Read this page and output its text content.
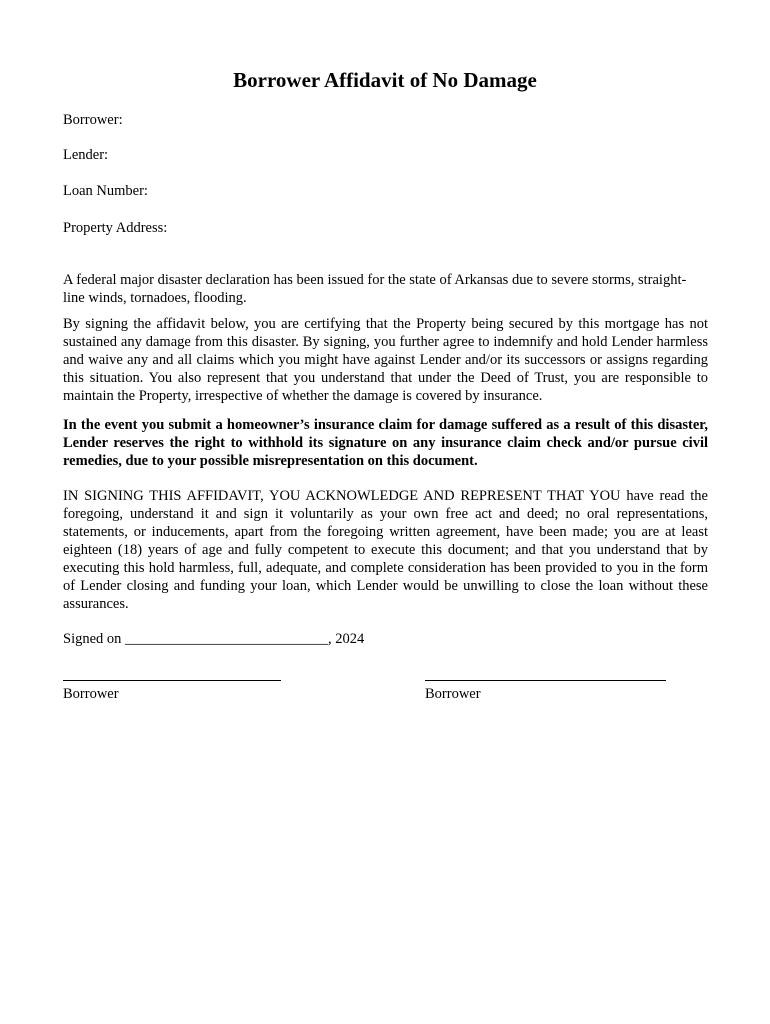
Borrower Affidavit of No Damage

Borrower:

Lender:

Loan Number:

Property Address:

A federal major disaster declaration has been issued for the state of Arkansas due to severe storms, straight-line winds, tornadoes, flooding.

By signing the affidavit below, you are certifying that the Property being secured by this mortgage has not sustained any damage from this disaster. By signing, you further agree to indemnify and hold Lender harmless and waive any and all claims which you might have against Lender and/or its successors or assigns regarding this situation. You also represent that you understand that under the Deed of Trust, you are responsible to maintain the Property, irrespective of whether the damage is covered by insurance.

In the event you submit a homeowner’s insurance claim for damage suffered as a result of this disaster, Lender reserves the right to withhold its signature on any insurance claim check and/or pursue civil remedies, due to your possible misrepresentation on this document.

IN SIGNING THIS AFFIDAVIT, YOU ACKNOWLEDGE AND REPRESENT THAT YOU have read the foregoing, understand it and sign it voluntarily as your own free act and deed; no oral representations, statements, or inducements, apart from the foregoing written agreement, have been made; you are at least eighteen (18) years of age and fully competent to execute this document; and that you understand that by executing this hold harmless, full, adequate, and complete consideration has been provided to you in the form of Lender closing and funding your loan, which Lender would be unwilling to close the loan without these assurances.

Signed on ____________________________, 2024
Borrower	Borrower
